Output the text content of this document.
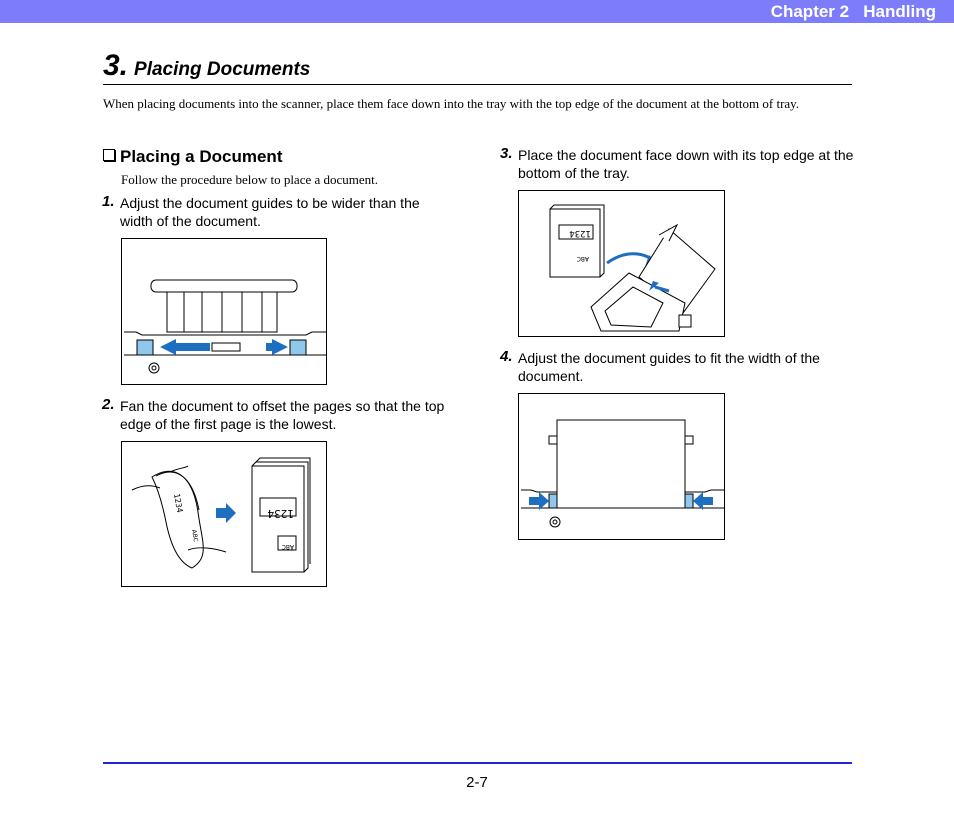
Chapter 2 Handling
3. Placing Documents
When placing documents into the scanner, place them face down into the tray with the top edge of the document at the bottom of tray.
Placing a Document
Follow the procedure below to place a document.
1. Adjust the document guides to be wider than the width of the document.
2. Fan the document to offset the pages so that the top edge of the first page is the lowest.
1234
ABC
1234
ABC
3. Place the document face down with its top edge at the bottom of the tray.
1234
ABC
4. Adjust the document guides to fit the width of the document.
2-7
